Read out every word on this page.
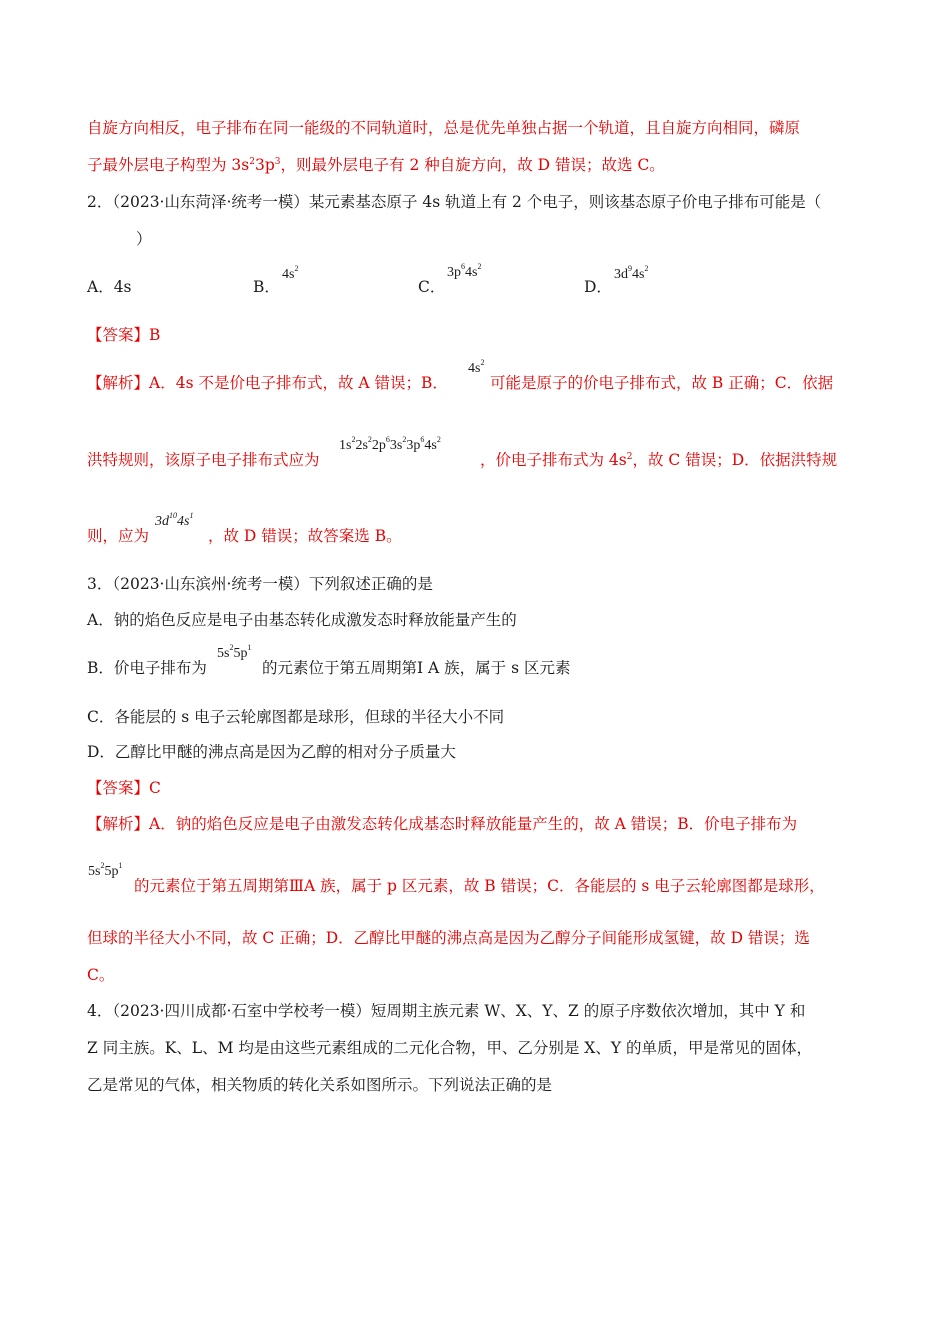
自旋方向相反，电子排布在同一能级的不同轨道时，总是优先单独占据一个轨道，且自旋方向相同，磷原
子最外层电子构型为 $3s^23p^3$，则最外层电子有 2 种自旋方向，故 D 错误；故选 C。
2．（2023·山东菏泽·统考一模）某元素基态原子 4s 轨道上有 2 个电子，则该基态原子价电子排布可能是（
）
A．4s	B．
$4s^2$
C．
$3p^64s^2$
D．
$3d^94s^2$
【答案】B
【解析】A．4s 不是价电子排布式，故 A 错误；B．
$4s^2$
可能是原子的价电子排布式，故 B 正确；C．依据
洪特规则，该原子电子排布式应为
$1s^22s^22p^63s^23p^64s^2$
，价电子排布式为 $4s^2$，故 C 错误；D．依据洪特规
则，应为
$3d^{10}4s^1$
，故 D 错误；故答案选 B。
3．（2023·山东滨州·统考一模）下列叙述正确的是
A．钠的焰色反应是电子由基态转化成激发态时释放能量产生的
B．价电子排布为
$5s^25p^1$
的元素位于第五周期第Ⅰ A 族，属于 s 区元素
C．各能层的 s 电子云轮廓图都是球形，但球的半径大小不同
D．乙醇比甲醚的沸点高是因为乙醇的相对分子质量大
【答案】C
【解析】A．钠的焰色反应是电子由激发态转化成基态时释放能量产生的，故 A 错误；B．价电子排布为
$5s^25p^1$
的元素位于第五周期第ⅢA 族，属于 p 区元素，故 B 错误；C．各能层的 s 电子云轮廓图都是球形，
但球的半径大小不同，故 C 正确；D．乙醇比甲醚的沸点高是因为乙醇分子间能形成氢键，故 D 错误；选
C。
4．（2023·四川成都·石室中学校考一模）短周期主族元素 W、X、Y、Z 的原子序数依次增加，其中 Y 和
Z 同主族。K、L、M 均是由这些元素组成的二元化合物，甲、乙分别是 X、Y 的单质，甲是常见的固体，
乙是常见的气体，相关物质的转化关系如图所示。下列说法正确的是
